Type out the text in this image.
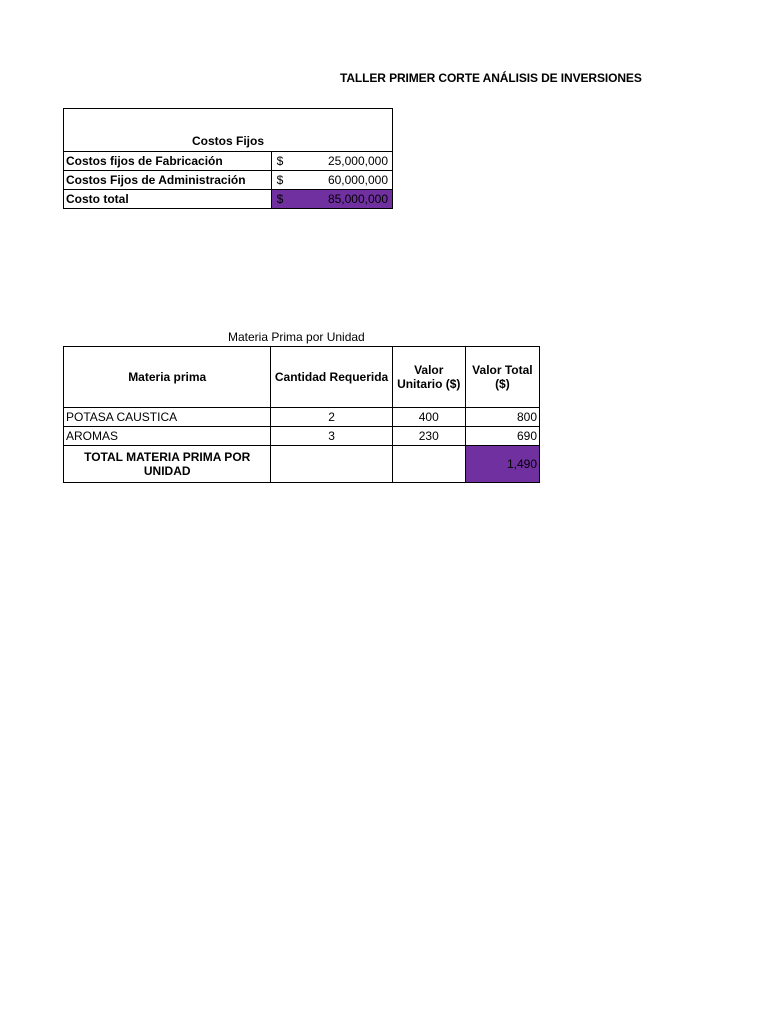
TALLER PRIMER CORTE ANÁLISIS DE INVERSIONES
Costos Fijos	
Costos fijos de Fabricación	$ 25,000,000

Costos Fijos de Administración	$ 60,000,000

Costo total	$ 85,000,000
Materia Prima por Unidad
Materia prima	Cantidad Requerida	Valor Unitario ($)	Valor Total ($)
POTASA CAUSTICA	2	400	800
AROMAS	3	230	690
TOTAL MATERIA PRIMA POR UNIDAD			1,490
